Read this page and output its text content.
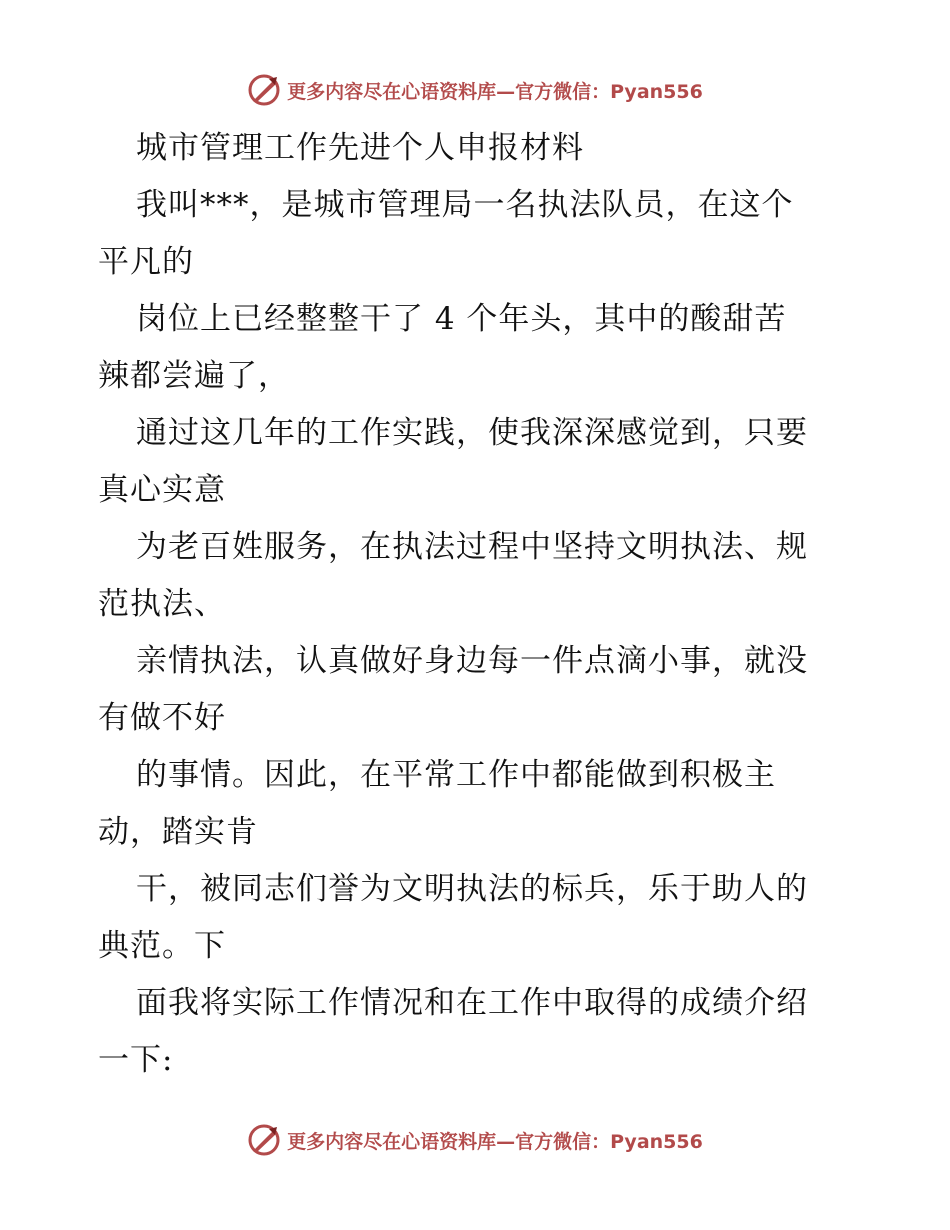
更多内容尽在心语资料库—官方微信：Pyan556
城市管理工作先进个人申报材料
我叫***，是城市管理局一名执法队员，在这个
平凡的
岗位上已经整整干了 4 个年头，其中的酸甜苦
辣都尝遍了，
通过这几年的工作实践，使我深深感觉到，只要
真心实意
为老百姓服务，在执法过程中坚持文明执法、规
范执法、
亲情执法，认真做好身边每一件点滴小事，就没
有做不好
的事情。因此，在平常工作中都能做到积极主
动，踏实肯
干，被同志们誉为文明执法的标兵，乐于助人的
典范。下
面我将实际工作情况和在工作中取得的成绩介绍
一下:
更多内容尽在心语资料库—官方微信：Pyan556
